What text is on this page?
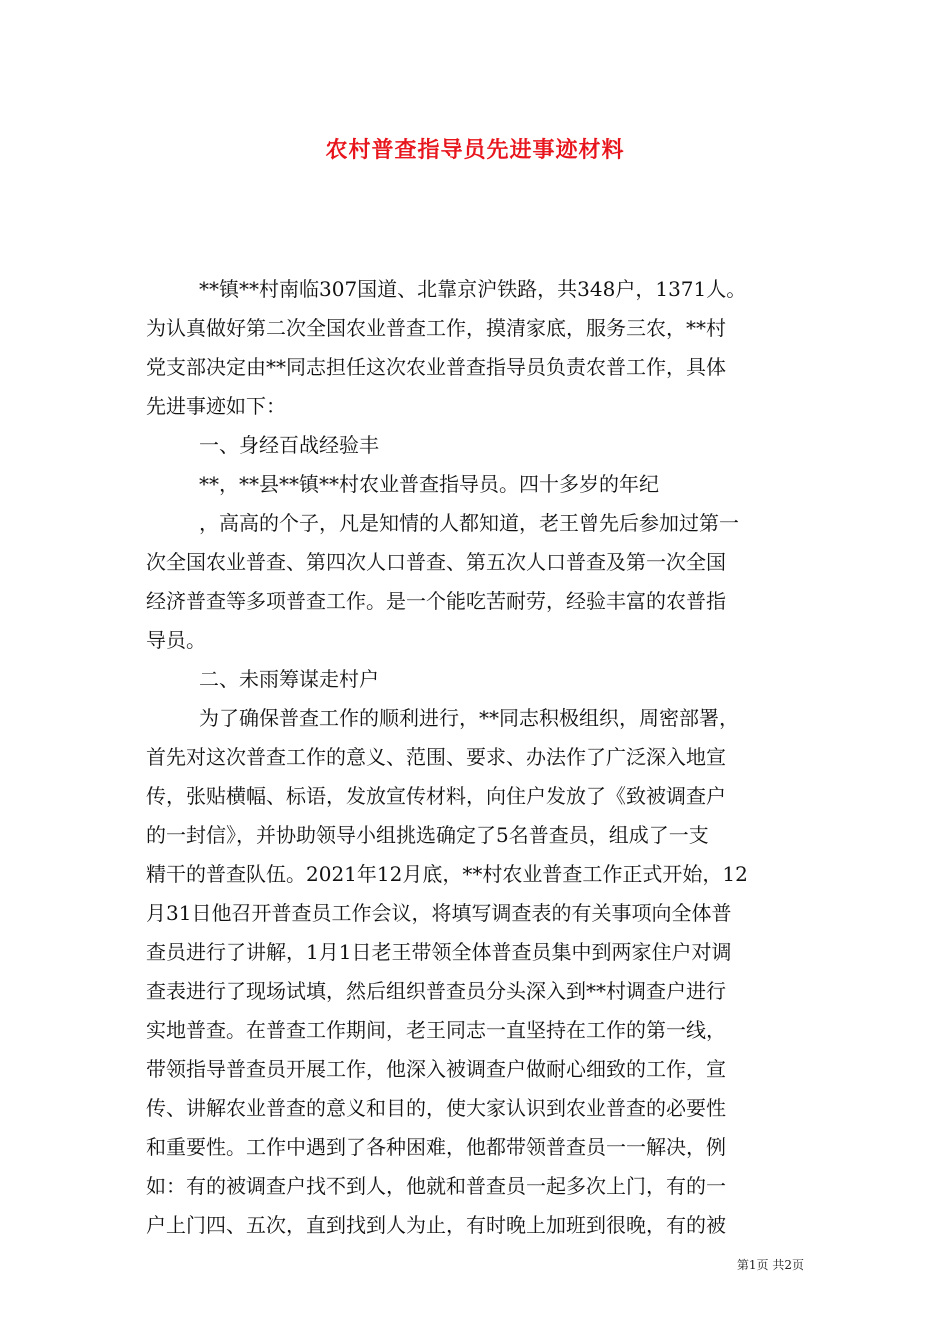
农村普查指导员先进事迹材料

**镇**村南临307国道、北靠京沪铁路，共348户，1371人。

为认真做好第二次全国农业普查工作，摸清家底，服务三农，**村

党支部决定由**同志担任这次农业普查指导员负责农普工作，具体

先进事迹如下：

一、身经百战经验丰

**，**县**镇**村农业普查指导员。四十多岁的年纪

，高高的个子，凡是知情的人都知道，老王曾先后参加过第一

次全国农业普查、第四次人口普查、第五次人口普查及第一次全国

经济普查等多项普查工作。是一个能吃苦耐劳，经验丰富的农普指

导员。

二、未雨筹谋走村户

为了确保普查工作的顺利进行，**同志积极组织，周密部署，

首先对这次普查工作的意义、范围、要求、办法作了广泛深入地宣

传，张贴横幅、标语，发放宣传材料，向住户发放了《致被调查户

的一封信》，并协助领导小组挑选确定了5名普查员，组成了一支

精干的普查队伍。2021年12月底，**村农业普查工作正式开始，12

月31日他召开普查员工作会议，将填写调查表的有关事项向全体普

查员进行了讲解，1月1日老王带领全体普查员集中到两家住户对调

查表进行了现场试填，然后组织普查员分头深入到**村调查户进行

实地普查。在普查工作期间，老王同志一直坚持在工作的第一线，

带领指导普查员开展工作，他深入被调查户做耐心细致的工作，宣

传、讲解农业普查的意义和目的，使大家认识到农业普查的必要性

和重要性。工作中遇到了各种困难，他都带领普查员一一解决，例

如：有的被调查户找不到人，他就和普查员一起多次上门，有的一

户上门四、五次，直到找到人为止，有时晚上加班到很晚，有的被

第1页 共2页
